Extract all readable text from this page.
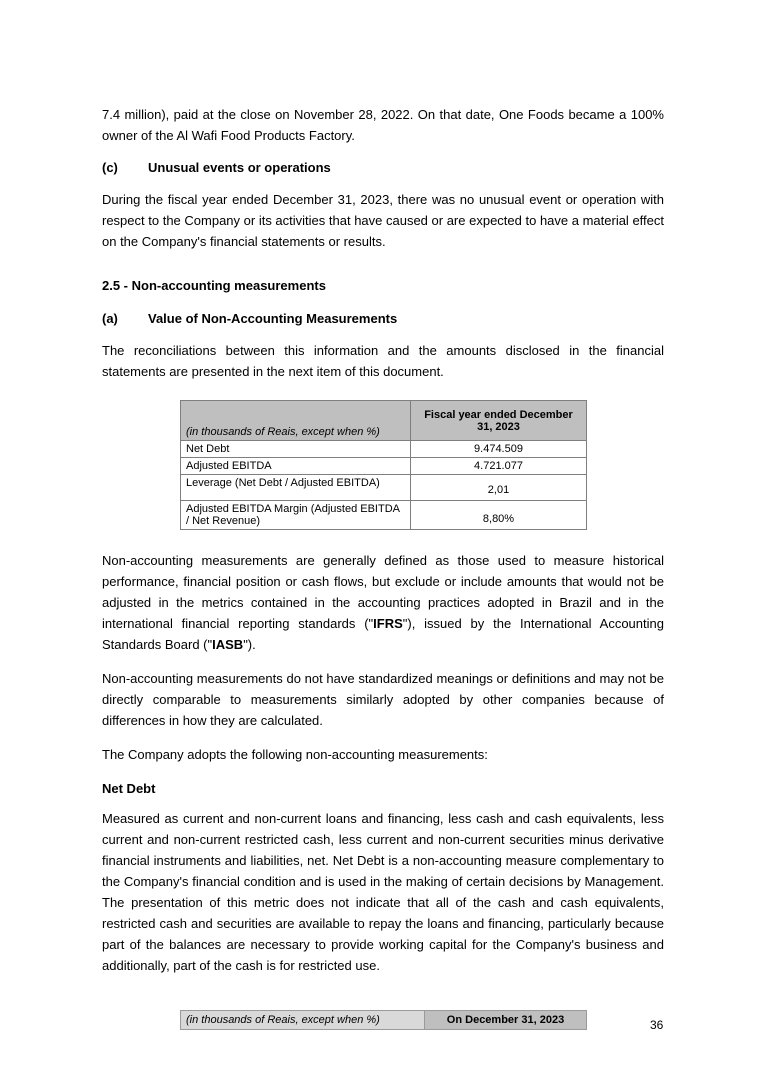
7.4 million), paid at the close on November 28, 2022. On that date, One Foods became a 100% owner of the Al Wafi Food Products Factory.

(c)	Unusual events or operations

During the fiscal year ended December 31, 2023, there was no unusual event or operation with respect to the Company or its activities that have caused or are expected to have a material effect on the Company's financial statements or results.

2.5 - Non-accounting measurements
(a)	Value of Non-Accounting Measurements

The reconciliations between this information and the amounts disclosed in the financial statements are presented in the next item of this document.

(in thousands of Reais, except when %)	Fiscal year ended December 31, 2023
Net Debt	9.474.509
Adjusted EBITDA	4.721.077
Leverage (Net Debt / Adjusted EBITDA)	2,01
Adjusted EBITDA Margin (Adjusted EBITDA / Net Revenue)	8,80%

Non-accounting measurements are generally defined as those used to measure historical performance, financial position or cash flows, but exclude or include amounts that would not be adjusted in the metrics contained in the accounting practices adopted in Brazil and in the international financial reporting standards ("IFRS"), issued by the International Accounting Standards Board ("IASB").

Non-accounting measurements do not have standardized meanings or definitions and may not be directly comparable to measurements similarly adopted by other companies because of differences in how they are calculated.

The Company adopts the following non-accounting measurements:

Net Debt

Measured as current and non-current loans and financing, less cash and cash equivalents, less current and non-current restricted cash, less current and non-current securities minus derivative financial instruments and liabilities, net. Net Debt is a non-accounting measure complementary to the Company's financial condition and is used in the making of certain decisions by Management. The presentation of this metric does not indicate that all of the cash and cash equivalents, restricted cash and securities are available to repay the loans and financing, particularly because part of the balances are necessary to provide working capital for the Company's business and additionally, part of the cash is for restricted use.

(in thousands of Reais, except when %)	On December 31, 2023	36
